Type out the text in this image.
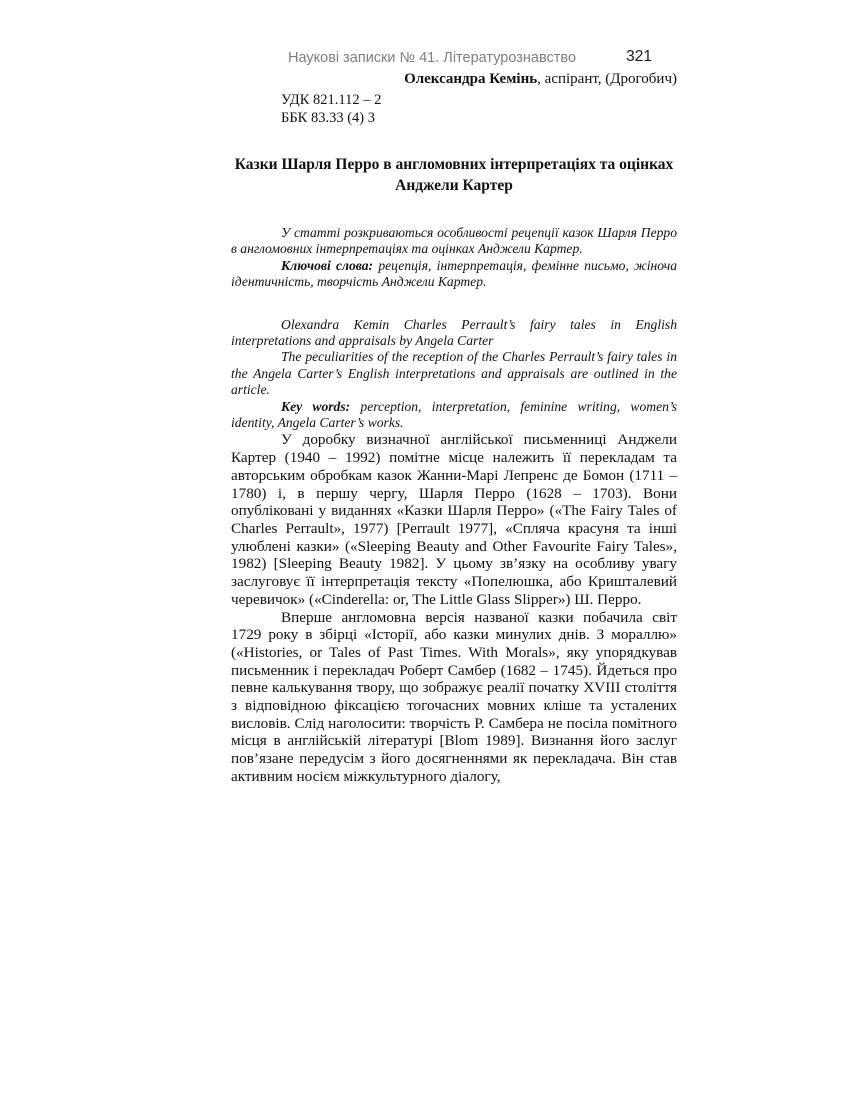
Наукові записки № 41. Літературознавство	321

Олександра Кемінь, аспірант, (Дрогобич)

УДК 821.112 – 2
ББК 83.33 (4) 3
Казки Шарля Перро в англомовних інтерпретаціях та оцінках
Анджели Картер

У статті розкриваються особливості рецепції казок Шарля Перро в англомовних інтерпретаціях та оцінках Анджели Картер.

Ключові слова: рецепція, інтерпретація, фемінне письмо, жіноча ідентичність, творчість Анджели Картер.

Olexandra Kemin Charles Perrault’s fairy tales in English interpretations and appraisals by Angela Carter

The peculiarities of the reception of the Charles Perrault’s fairy tales in the Angela Carter’s English interpretations and appraisals are outlined in the article.

Key words: perception, interpretation, feminine writing, women’s identity, Angela Carter’s works.

У доробку визначної англійської письменниці Анджели Картер (1940 – 1992) помітне місце належить її перекладам та авторським обробкам казок Жанни-Марі Лепренс де Бомон (1711 – 1780) і, в першу чергу, Шарля Перро (1628 – 1703). Вони опубліковані у виданнях «Казки Шарля Перро» («The Fairy Tales of Charles Perrault», 1977) [Perrault 1977], «Спляча красуня та інші улюблені казки» («Sleeping Beauty and Other Favourite Fairy Tales», 1982) [Sleeping Beauty 1982]. У цьому зв’язку на особливу увагу заслуговує її інтерпретація тексту «Попелюшка, або Кришталевий черевичок» («Cinderella: or, The Little Glass Slipper») Ш. Перро.

Вперше англомовна версія названої казки побачила світ 1729 року в збірці «Історії, або казки минулих днів. З мораллю» («Histories, or Tales of Past Times. With Morals», яку упорядкував письменник і перекладач Роберт Самбер (1682 – 1745). Йдеться про певне калькування твору, що зображує реалії початку XVIII століття з відповідною фіксацією тогочасних мовних кліше та усталених висловів. Слід наголосити: творчість Р. Самбера не посіла помітного місця в англійській літературі [Blom 1989]. Визнання його заслуг пов’язане передусім з його досягненнями як перекладача. Він став активним носієм міжкультурного діалогу,
